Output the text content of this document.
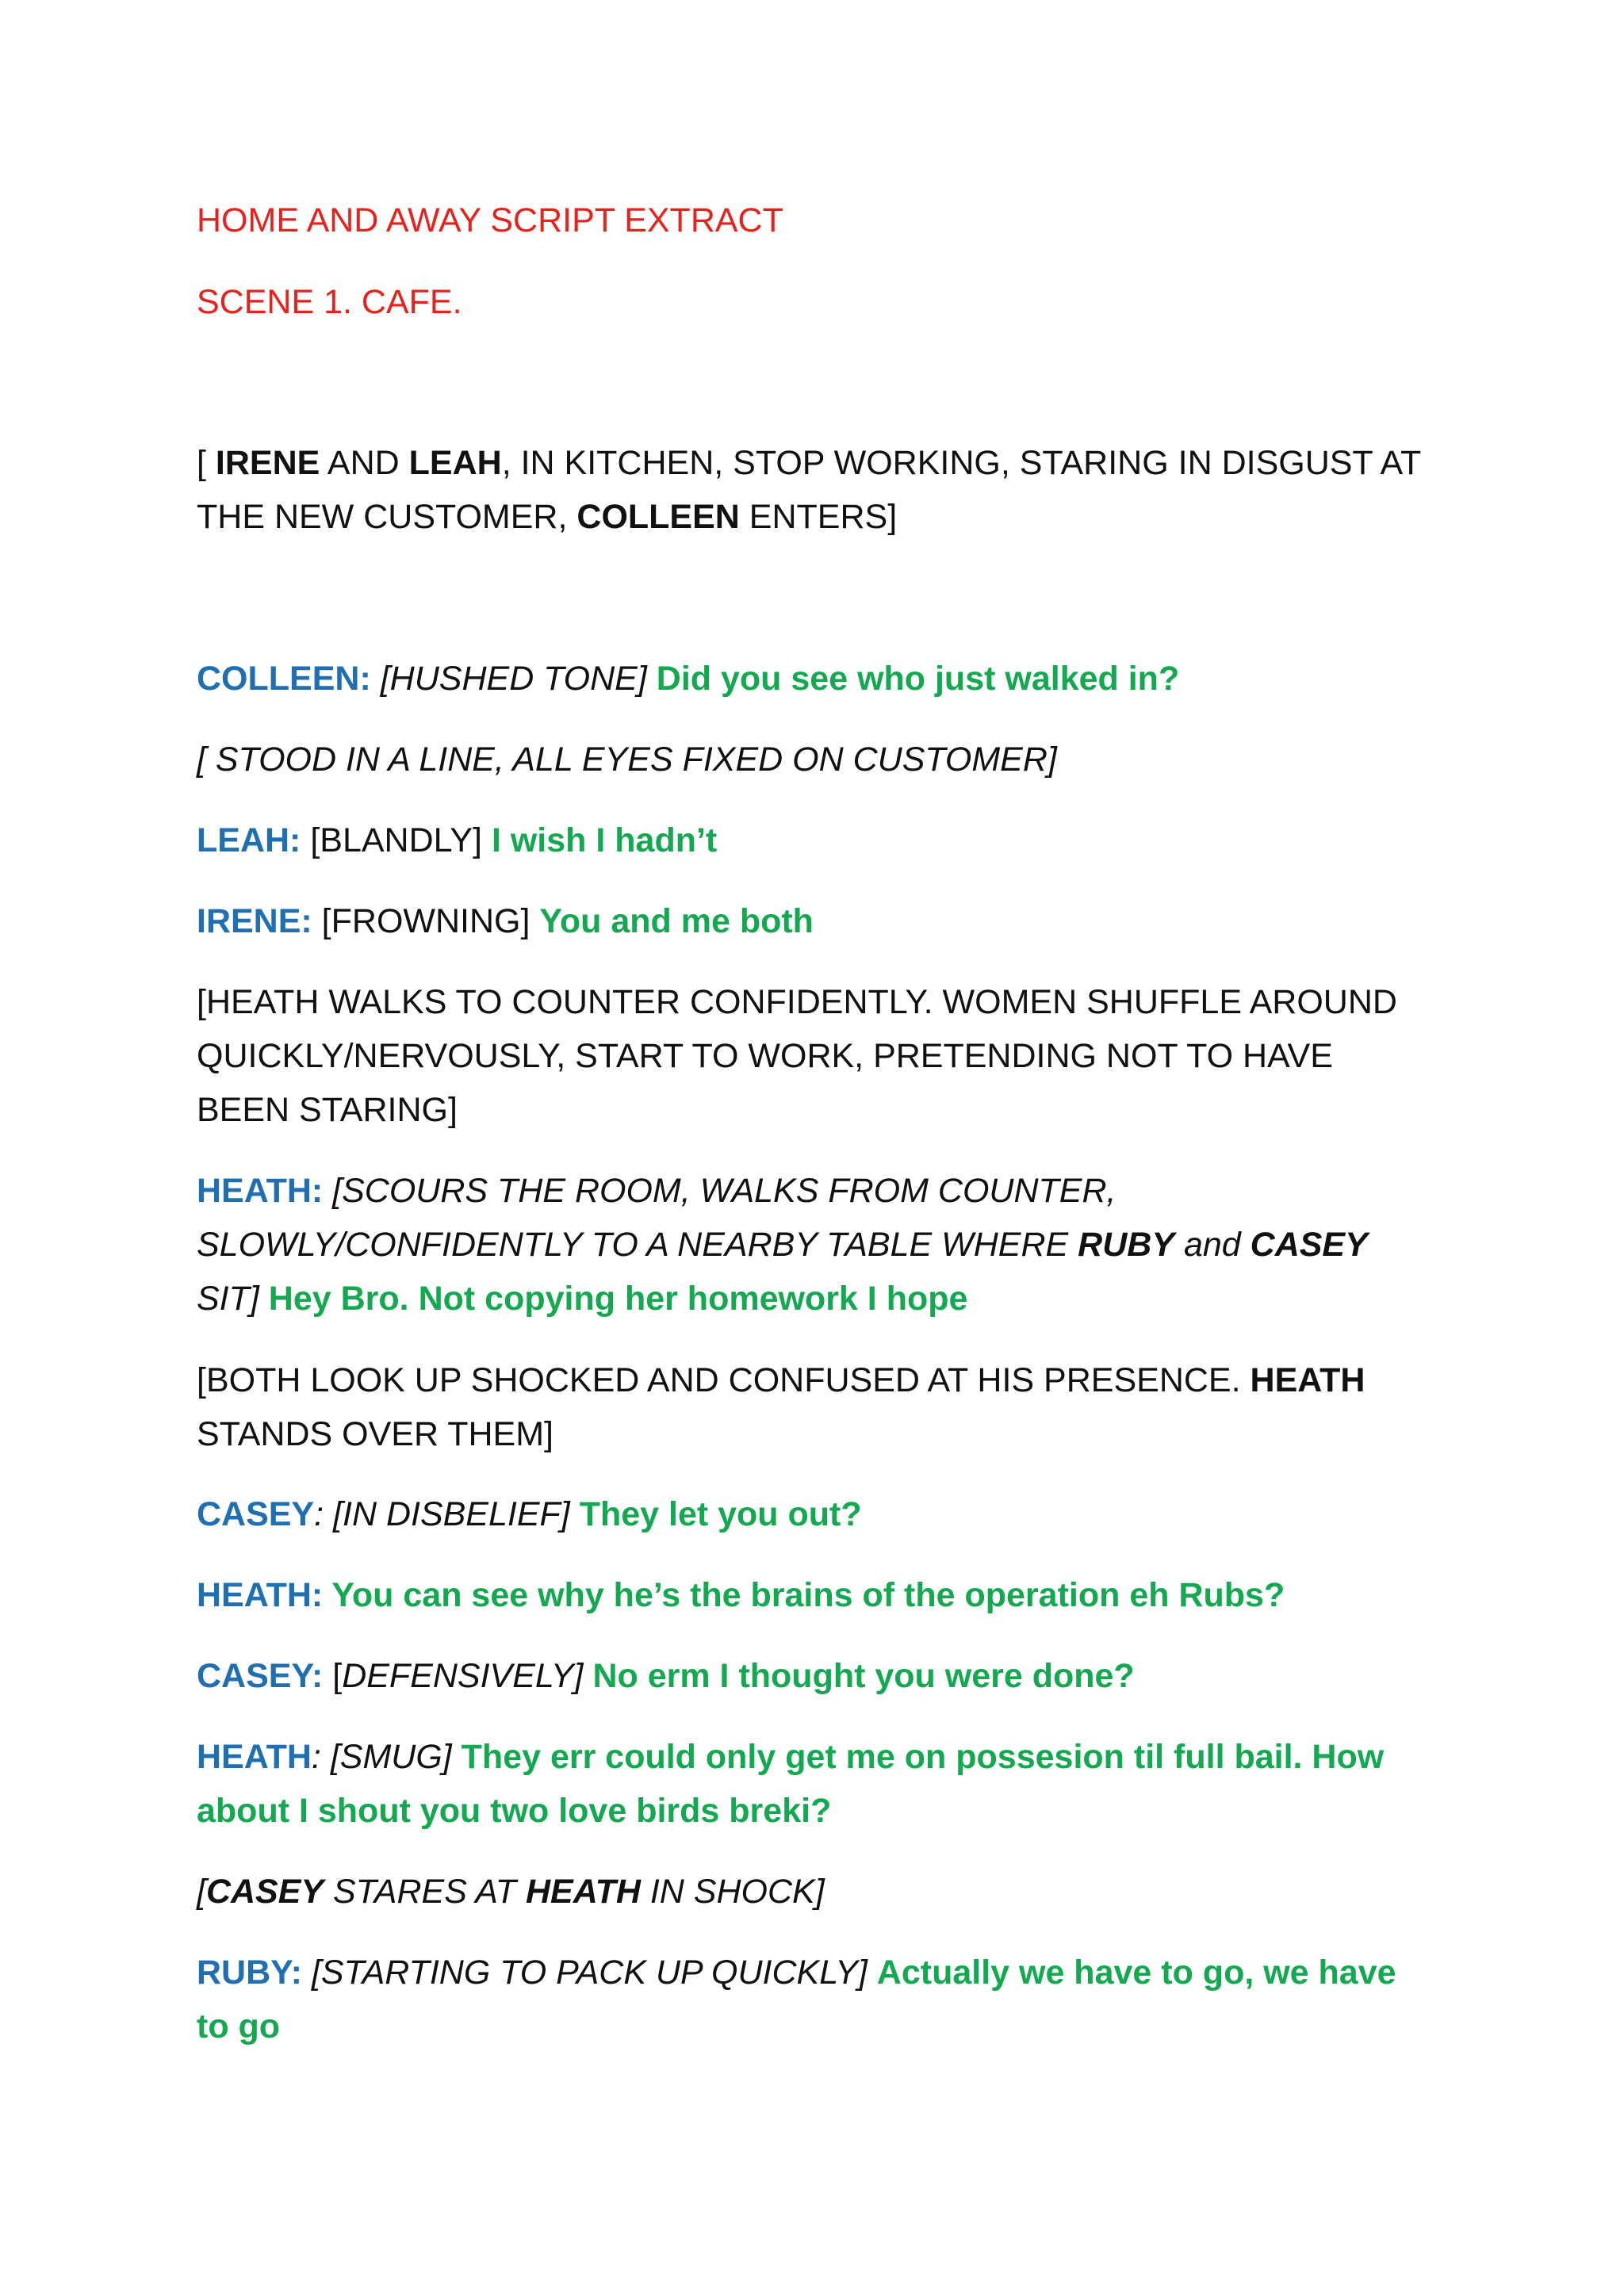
HOME AND AWAY SCRIPT EXTRACT
SCENE 1. CAFE.
[ IRENE AND LEAH, IN KITCHEN, STOP WORKING, STARING IN DISGUST AT THE NEW CUSTOMER, COLLEEN ENTERS]
COLLEEN: [HUSHED TONE] Did you see who just walked in?
[ STOOD IN A LINE, ALL EYES FIXED ON CUSTOMER]
LEAH: [BLANDLY] I wish I hadn’t
IRENE: [FROWNING] You and me both
[HEATH WALKS TO COUNTER CONFIDENTLY. WOMEN SHUFFLE AROUND QUICKLY/NERVOUSLY, START TO WORK, PRETENDING NOT TO HAVE BEEN STARING]
HEATH: [SCOURS THE ROOM, WALKS FROM COUNTER, SLOWLY/CONFIDENTLY TO A NEARBY TABLE WHERE RUBY and CASEY SIT] Hey Bro. Not copying her homework I hope
[BOTH LOOK UP SHOCKED AND CONFUSED AT HIS PRESENCE. HEATH STANDS OVER THEM]
CASEY: [IN DISBELIEF] They let you out?
HEATH: You can see why he’s the brains of the operation eh Rubs?
CASEY: [DEFENSIVELY] No erm I thought you were done?
HEATH: [SMUG] They err could only get me on possesion til full bail. How about I shout you two love birds breki?
[CASEY STARES AT HEATH IN SHOCK]
RUBY: [STARTING TO PACK UP QUICKLY] Actually we have to go, we have to go
